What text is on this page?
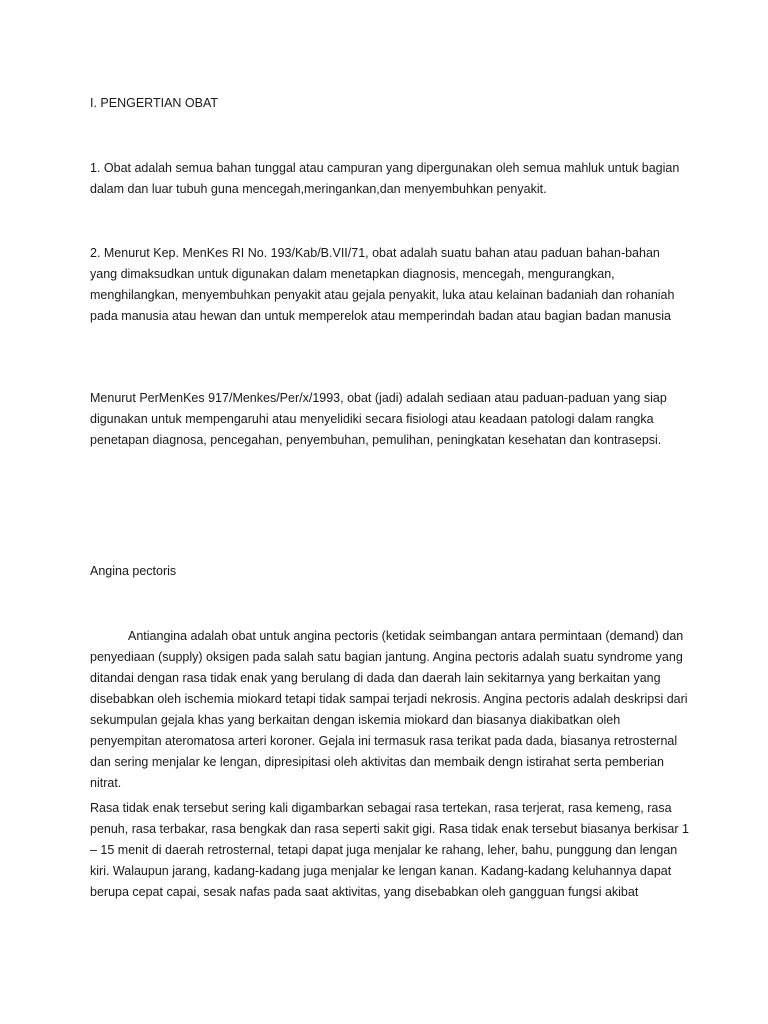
I. PENGERTIAN OBAT

1. Obat adalah semua bahan tunggal atau campuran yang dipergunakan oleh semua mahluk untuk bagian dalam dan luar tubuh guna mencegah,meringankan,dan menyembuhkan penyakit.

2. Menurut Kep. MenKes RI No. 193/Kab/B.VII/71, obat adalah suatu bahan atau paduan bahan-bahan yang dimaksudkan untuk digunakan dalam menetapkan diagnosis, mencegah, mengurangkan, menghilangkan, menyembuhkan penyakit atau gejala penyakit, luka atau kelainan badaniah dan rohaniah pada manusia atau hewan dan untuk memperelok atau memperindah badan atau bagian badan manusia

Menurut PerMenKes 917/Menkes/Per/x/1993, obat (jadi) adalah sediaan atau paduan-paduan yang siap digunakan untuk mempengaruhi atau menyelidiki secara fisiologi atau keadaan patologi dalam rangka penetapan diagnosa, pencegahan, penyembuhan, pemulihan, peningkatan kesehatan dan kontrasepsi.

Angina pectoris

Antiangina adalah obat untuk angina pectoris (ketidak seimbangan antara permintaan (demand) dan penyediaan (supply) oksigen pada salah satu bagian jantung. Angina pectoris adalah suatu syndrome yang ditandai dengan rasa tidak enak yang berulang di dada dan daerah lain sekitarnya yang berkaitan yang disebabkan oleh ischemia miokard tetapi tidak sampai terjadi nekrosis. Angina pectoris adalah deskripsi dari sekumpulan gejala khas yang berkaitan dengan iskemia miokard dan biasanya diakibatkan oleh penyempitan ateromatosa arteri koroner. Gejala ini termasuk rasa terikat pada dada, biasanya retrosternal dan sering menjalar ke lengan, dipresipitasi oleh aktivitas dan membaik dengn istirahat serta pemberian nitrat.

Rasa tidak enak tersebut sering kali digambarkan sebagai rasa tertekan, rasa terjerat, rasa kemeng, rasa penuh, rasa terbakar, rasa bengkak dan rasa seperti sakit gigi. Rasa tidak enak tersebut biasanya berkisar 1 – 15 menit di daerah retrosternal, tetapi dapat juga menjalar ke rahang, leher, bahu, punggung dan lengan kiri. Walaupun jarang, kadang-kadang juga menjalar ke lengan kanan. Kadang-kadang keluhannya dapat berupa cepat capai, sesak nafas pada saat aktivitas, yang disebabkan oleh gangguan fungsi akibat
